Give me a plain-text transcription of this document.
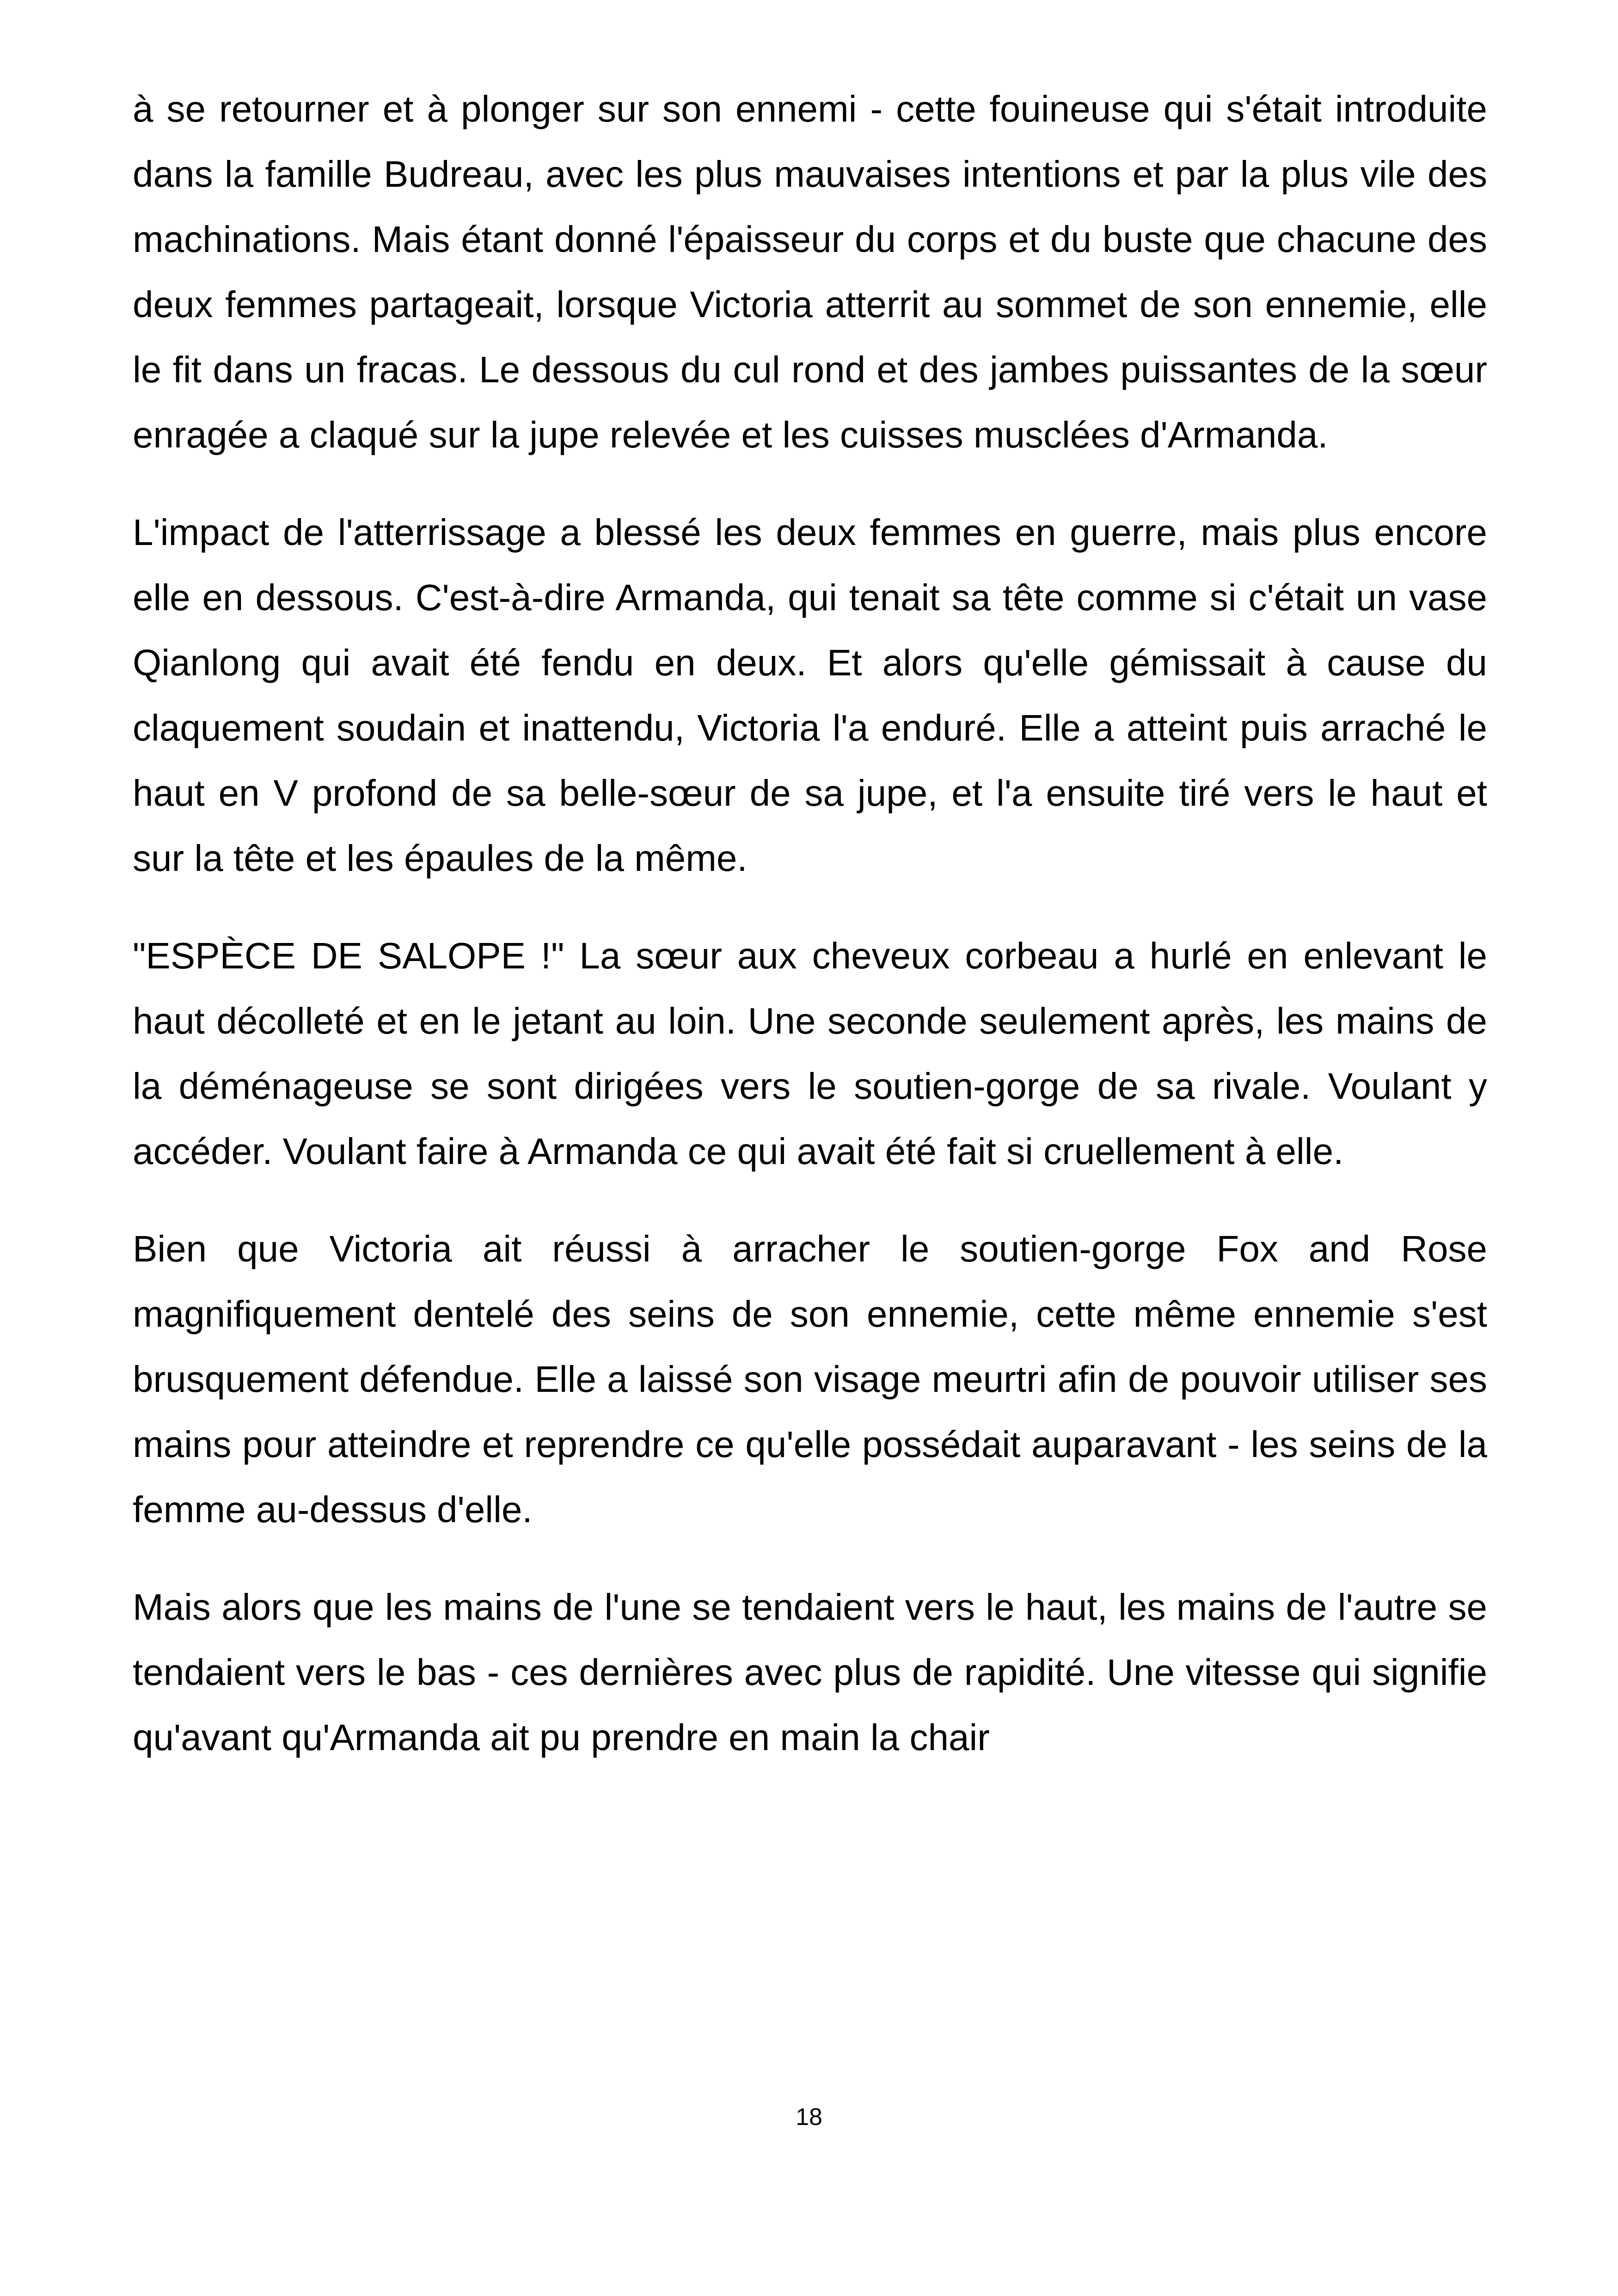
à se retourner et à plonger sur son ennemi - cette fouineuse qui s'était introduite dans la famille Budreau, avec les plus mauvaises intentions et par la plus vile des machinations. Mais étant donné l'épaisseur du corps et du buste que chacune des deux femmes partageait, lorsque Victoria atterrit au sommet de son ennemie, elle le fit dans un fracas. Le dessous du cul rond et des jambes puissantes de la sœur enragée a claqué sur la jupe relevée et les cuisses musclées d'Armanda.

L'impact de l'atterrissage a blessé les deux femmes en guerre, mais plus encore elle en dessous. C'est-à-dire Armanda, qui tenait sa tête comme si c'était un vase Qianlong qui avait été fendu en deux. Et alors qu'elle gémissait à cause du claquement soudain et inattendu, Victoria l'a enduré. Elle a atteint puis arraché le haut en V profond de sa belle-sœur de sa jupe, et l'a ensuite tiré vers le haut et sur la tête et les épaules de la même.

"ESPÈCE DE SALOPE !" La sœur aux cheveux corbeau a hurlé en enlevant le haut décolleté et en le jetant au loin. Une seconde seulement après, les mains de la déménageuse se sont dirigées vers le soutien-gorge de sa rivale. Voulant y accéder. Voulant faire à Armanda ce qui avait été fait si cruellement à elle.

Bien que Victoria ait réussi à arracher le soutien-gorge Fox and Rose magnifiquement dentelé des seins de son ennemie, cette même ennemie s'est brusquement défendue. Elle a laissé son visage meurtri afin de pouvoir utiliser ses mains pour atteindre et reprendre ce qu'elle possédait auparavant - les seins de la femme au-dessus d'elle.

Mais alors que les mains de l'une se tendaient vers le haut, les mains de l'autre se tendaient vers le bas - ces dernières avec plus de rapidité. Une vitesse qui signifie qu'avant qu'Armanda ait pu prendre en main la chair

18
